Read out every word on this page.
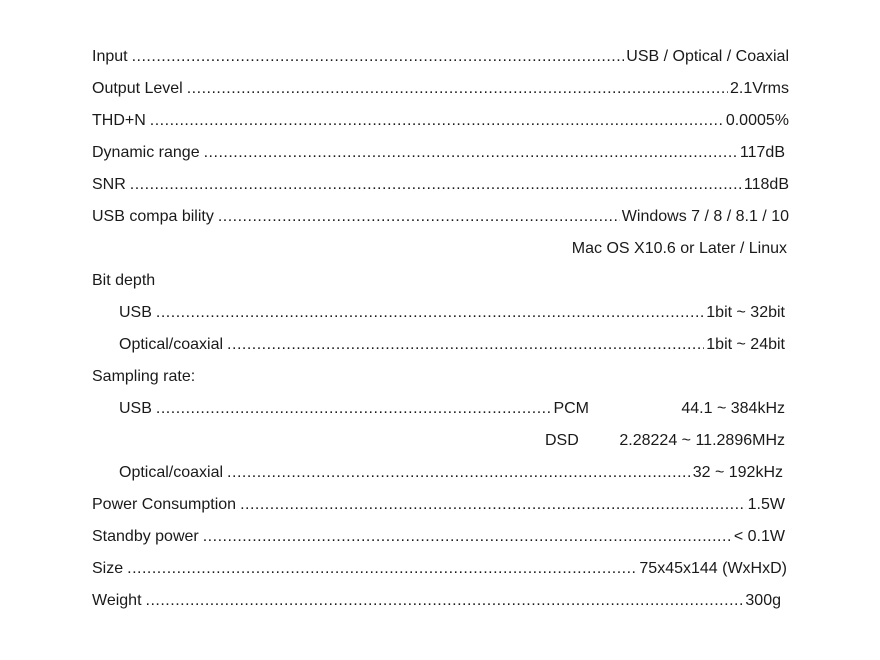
Input .....	USB / Optical / Coaxial
Output Level .....	2.1Vrms
THD+N .....	0.0005%
Dynamic range .....	117dB
SNR .....	118dB
USB compa bility .....	Windows 7 / 8 / 8.1 / 10
Mac OS X10.6 or Later / Linux
Bit depth
USB .....	1bit ~ 32bit
Optical/coaxial .....	1bit ~ 24bit
Sampling rate:
USB .....	PCM	44.1 ~ 384kHz
DSD	2.28224 ~ 11.2896MHz
Optical/coaxial .....	32 ~ 192kHz
Power Consumption .....	1.5W
Standby power .....	< 0.1W
Size .....	75x45x144 (WxHxD)
Weight .....	300g
